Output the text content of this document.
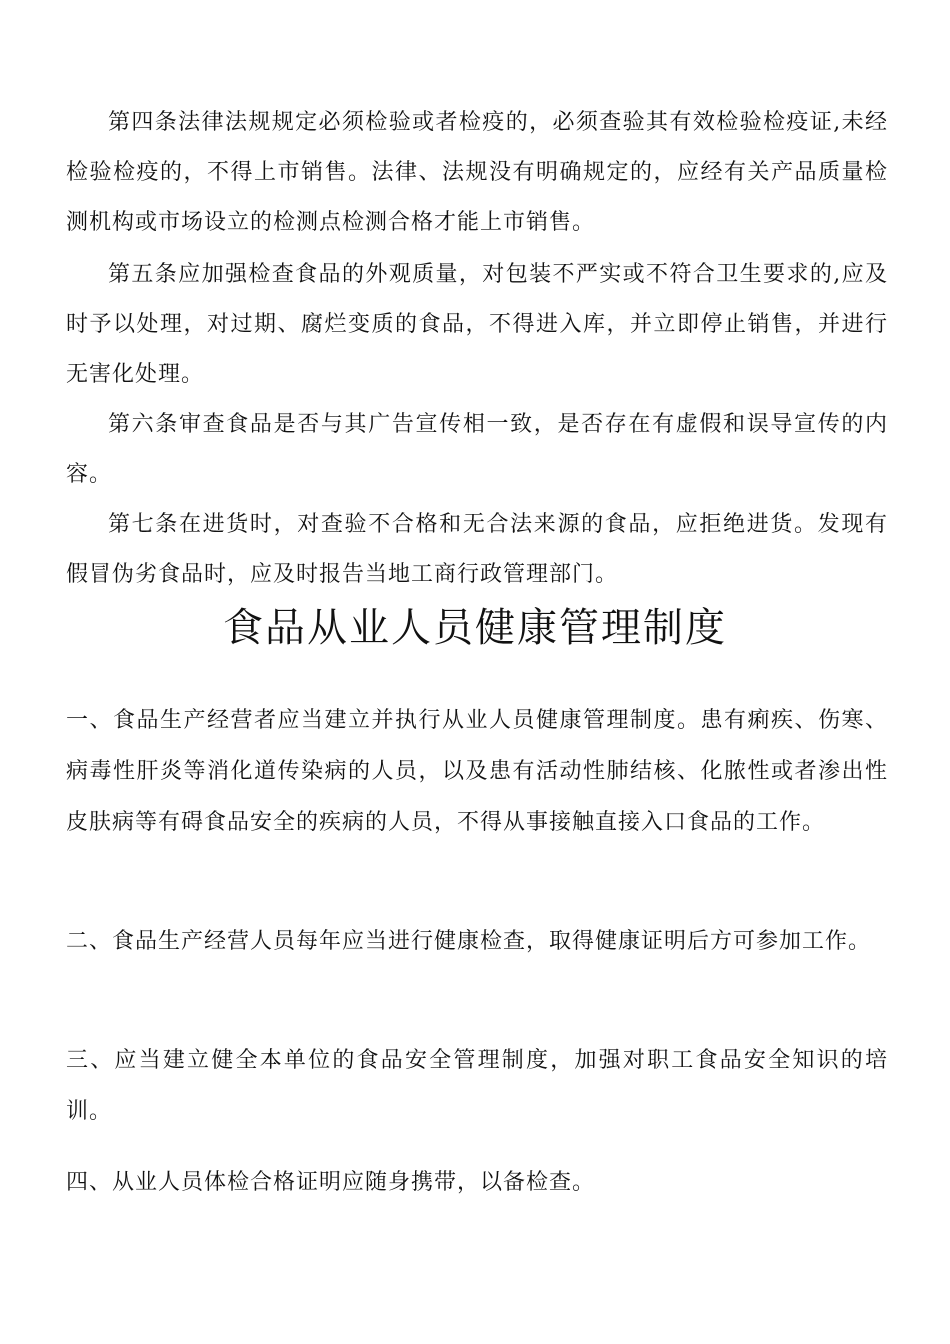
第四条法律法规规定必须检验或者检疫的，必须查验其有效检验检疫证,未经检验检疫的，不得上市销售。法律、法规没有明确规定的，应经有关产品质量检测机构或市场设立的检测点检测合格才能上市销售。

第五条应加强检查食品的外观质量，对包装不严实或不符合卫生要求的,应及时予以处理，对过期、腐烂变质的食品，不得进入库，并立即停止销售，并进行无害化处理。

第六条审查食品是否与其广告宣传相一致，是否存在有虚假和误导宣传的内容。

第七条在进货时，对查验不合格和无合法来源的食品，应拒绝进货。发现有假冒伪劣食品时，应及时报告当地工商行政管理部门。

食品从业人员健康管理制度

一、食品生产经营者应当建立并执行从业人员健康管理制度。患有痢疾、伤寒、病毒性肝炎等消化道传染病的人员，以及患有活动性肺结核、化脓性或者渗出性皮肤病等有碍食品安全的疾病的人员，不得从事接触直接入口食品的工作。

二、食品生产经营人员每年应当进行健康检查，取得健康证明后方可参加工作。

三、应当建立健全本单位的食品安全管理制度，加强对职工食品安全知识的培训。

四、从业人员体检合格证明应随身携带，以备检查。
